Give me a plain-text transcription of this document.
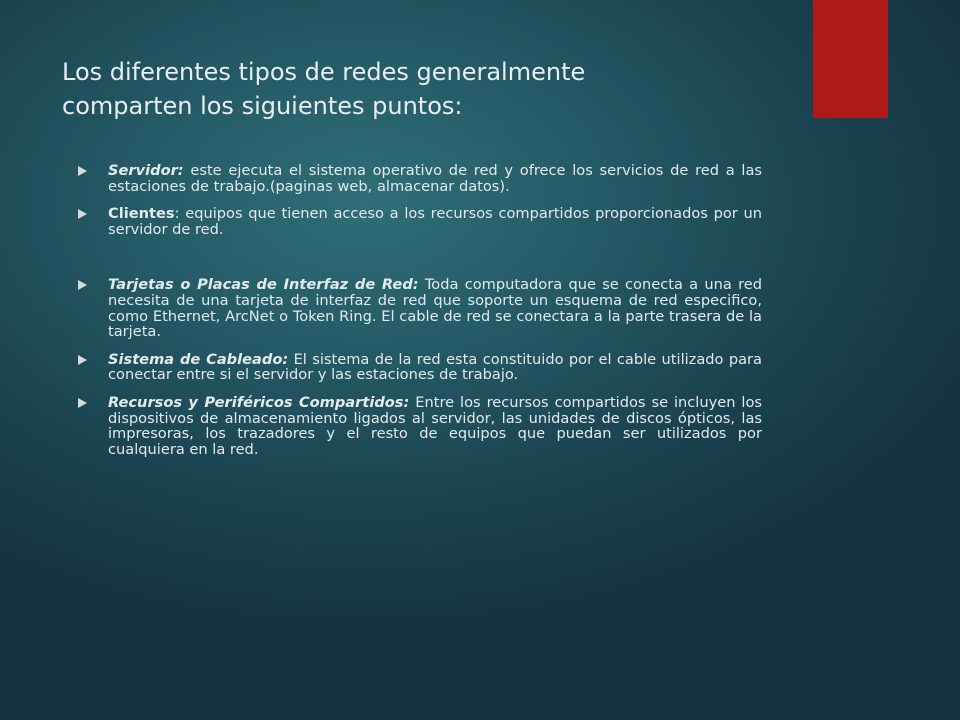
Los diferentes tipos de redes generalmente
comparten los siguientes puntos:
Servidor: este ejecuta el sistema operativo de red y ofrece los servicios de red a las estaciones de trabajo.(paginas web, almacenar datos).
Clientes: equipos que tienen acceso a los recursos compartidos proporcionados por un servidor de red.
Tarjetas o Placas de Interfaz de Red: Toda computadora que se conecta a una red necesita de una tarjeta de interfaz de red que soporte un esquema de red especifico, como Ethernet, ArcNet o Token Ring. El cable de red se conectara a la parte trasera de la tarjeta.
Sistema de Cableado: El sistema de la red esta constituido por el cable utilizado para conectar entre si el servidor y las estaciones de trabajo.
Recursos y Periféricos Compartidos: Entre los recursos compartidos se incluyen los dispositivos de almacenamiento ligados al servidor, las unidades de discos ópticos, las impresoras, los trazadores y el resto de equipos que puedan ser utilizados por cualquiera en la red.
